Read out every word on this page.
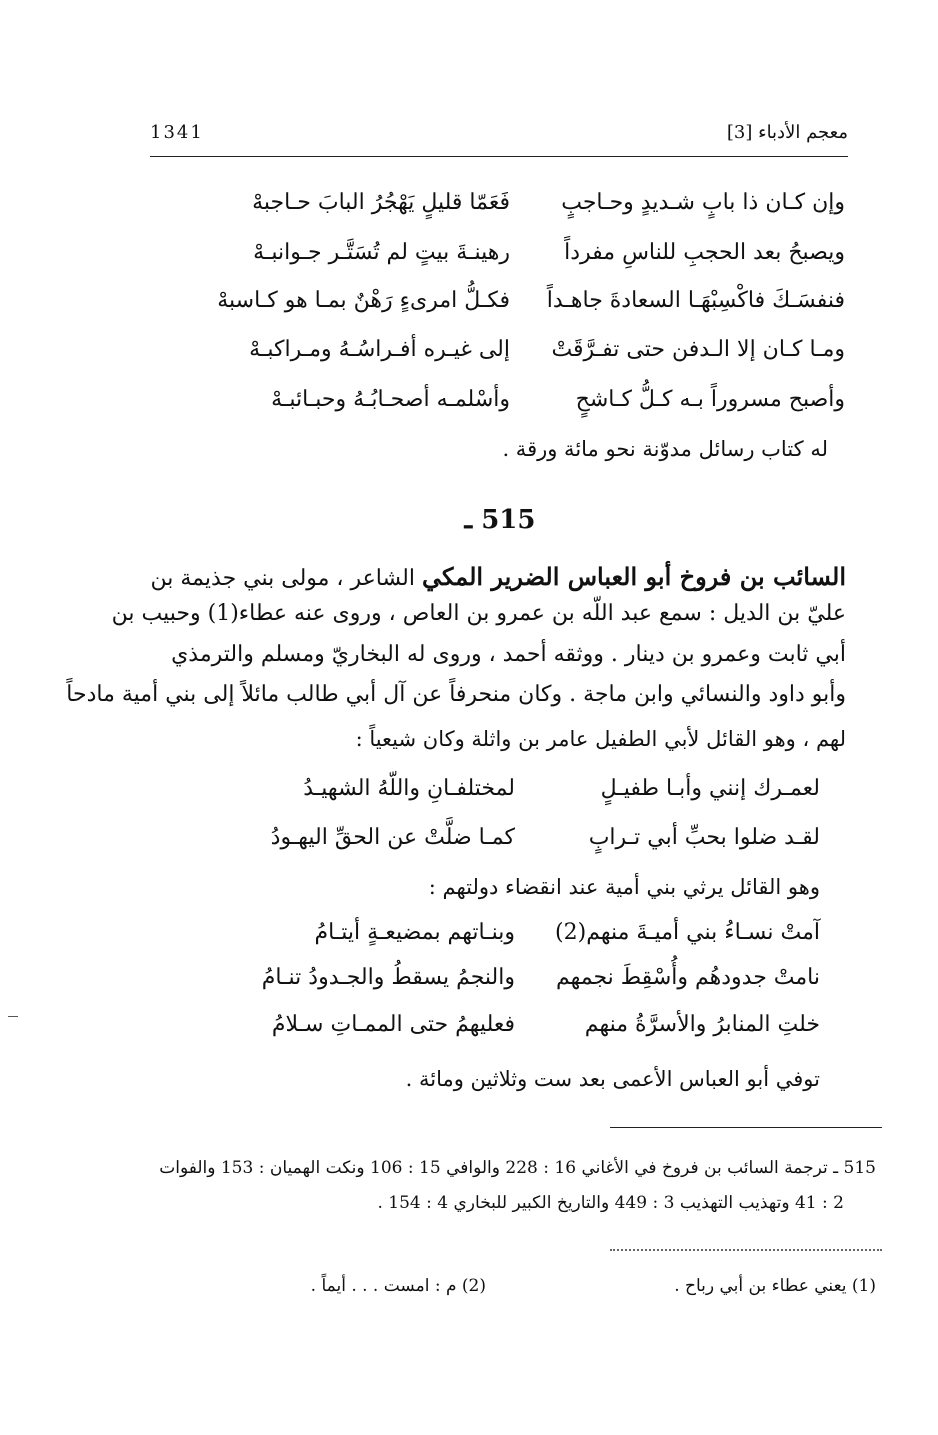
1341	معجم الأدباء [3]
وإن كـان ذا بابٍ شـديدٍ وحـاجبٍ
فَعَمّا قليلٍ يَهْجُرُ البابَ حـاجبهْ
ويصبحُ بعد الحجبِ للناسِ مفرداً
رهينـةَ بيتٍ لم تُسَتَّـر جـوانبـهْ
فنفسَـكَ فاكْسِبْهَـا السعادةَ جاهـداً
فكـلُّ امرىءٍ رَهْنٌ بمـا هو كـاسبهْ
ومـا كـان إلا الـدفن حتى تفـرَّقَتْ
إلى غيـره أفـراسُـهُ ومـراكبـهْ
وأصبح مسروراً بـه كـلُّ كـاشحٍ
وأسْلمـه أصحـابُـهُ وحبـائبـهْ
له كتاب رسائل مدوّنة نحو مائة ورقة .
515 ـ
السائب بن فروخ أبو العباس الضرير المكي الشاعر ، مولى بني جذيمة بن
عليّ بن الديل : سمع عبد اللّه بن عمرو بن العاص ، وروى عنه عطاء(1) وحبيب بن
أبي ثابت وعمرو بن دينار . ووثقه أحمد ، وروى له البخاريّ ومسلم والترمذي
وأبو داود والنسائي وابن ماجة . وكان منحرفاً عن آل أبي طالب مائلاً إلى بني أمية مادحاً
لهم ، وهو القائل لأبي الطفيل عامر بن واثلة وكان شيعياً :
لعمـرك إنني وأبـا طفيـلٍ
لمختلفـانِ واللّهُ الشهيـدُ
لقـد ضلوا بحبِّ أبي تـرابٍ
كمـا ضلَّتْ عن الحقِّ اليهـودُ
وهو القائل يرثي بني أمية عند انقضاء دولتهم :
آمتْ نسـاءُ بني أميـةَ منهم(2)
وبنـاتهم بمضيعـةٍ أيتـامُ
نامتْ جدودهُم وأُسْقِطَ نجمهم
والنجمُ يسقطُ والجـدودُ تنـامُ
خلتِ المنابرُ والأسرَّةُ منهم
فعليهمُ حتى الممـاتِ سـلامُ
توفي أبو العباس الأعمى بعد ست وثلاثين ومائة .
515 ـ ترجمة السائب بن فروخ في الأغاني 16 : 228 والوافي 15 : 106 ونكت الهميان : 153 والفوات
2 : 41 وتهذيب التهذيب 3 : 449 والتاريخ الكبير للبخاري 4 : 154 .
(1) يعني عطاء بن أبي رباح .
(2) م : امست . . . أيماً .
